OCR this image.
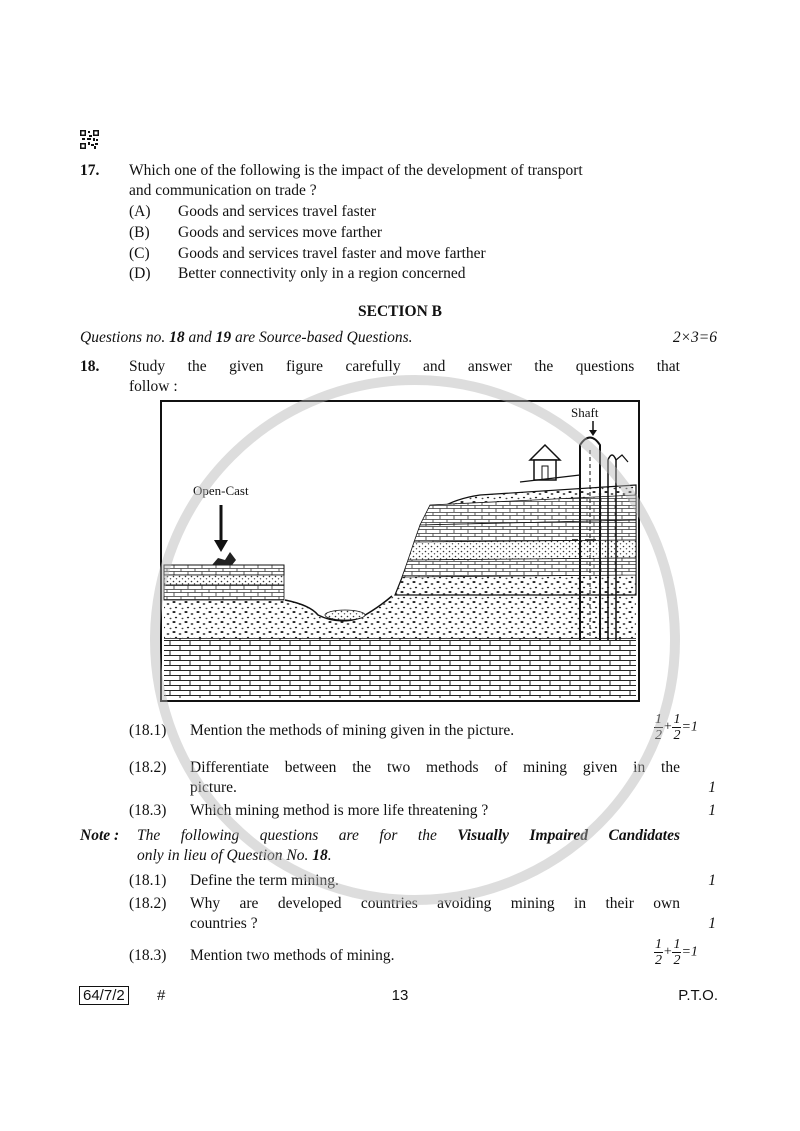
17. Which one of the following is the impact of the development of transport
and communication on trade ?
(A) Goods and services travel faster
(B) Goods and services move farther
(C) Goods and services travel faster and move farther
(D) Better connectivity only in a region concerned
SECTION B
Questions no. 18 and 19 are Source-based Questions.	2×3=6
18. Study the given figure carefully and answer the questions that
follow :
Open-Cast
Shaft
(18.1) Mention the methods of mining given in the picture.	$\frac{1}{2} + \frac{1}{2} =1$
(18.2) Differentiate between the two methods of mining given in the
picture.	1
(18.3) Which mining method is more life threatening ?	1
Note : The following questions are for the Visually Impaired Candidates
only in lieu of Question No. 18.
(18.1) Define the term mining.	1
(18.2) Why are developed countries avoiding mining in their own
countries ?	1
(18.3) Mention two methods of mining.	$\frac{1}{2} + \frac{1}{2} =1$
64/7/2 #	13	P.T.O.
